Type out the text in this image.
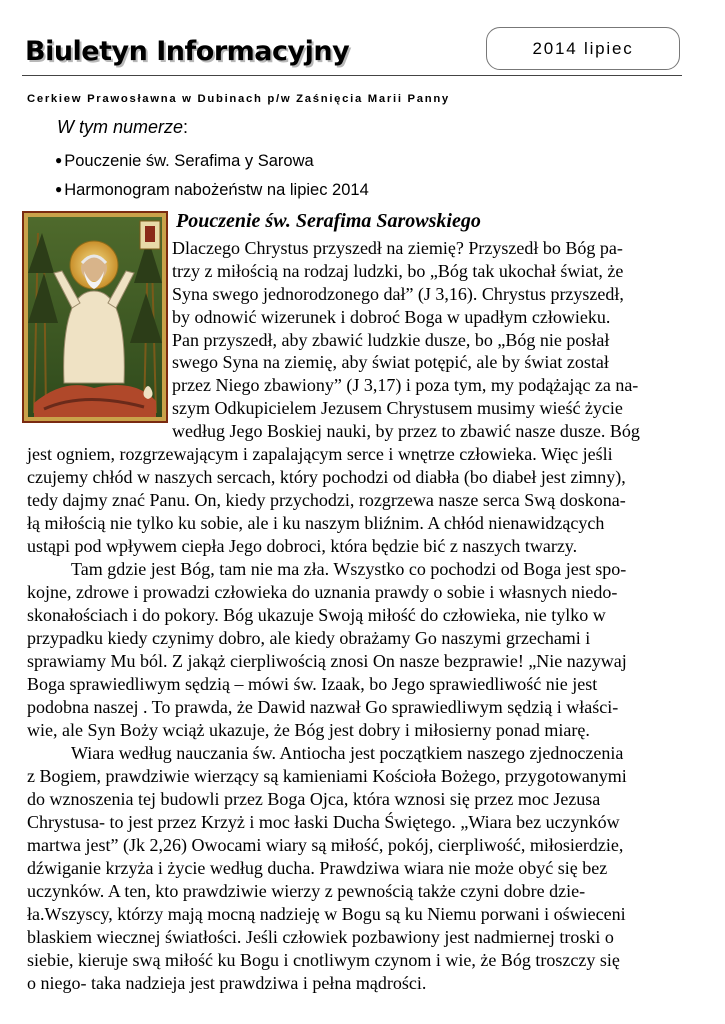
Biuletyn Informacyjny	2014 lipiec
Cerkiew Prawosławna w Dubinach p/w Zaśnięcia Marii Panny
W tym numerze:
● Pouczenie św. Serafima y Sarowa
● Harmonogram nabożeństw na lipiec 2014
Pouczenie św. Serafima Sarowskiego
Dlaczego Chrystus przyszedł na ziemię? Przyszedł bo Bóg pa-
trzy z miłością na rodzaj ludzki, bo „Bóg tak ukochał świat, że
Syna swego jednorodzonego dał” (J 3,16). Chrystus przyszedł,
by odnowić wizerunek i dobroć Boga w upadłym człowieku.
Pan przyszedł, aby zbawić ludzkie dusze, bo „Bóg nie posłał
swego Syna na ziemię, aby świat potępić, ale by świat został
przez Niego zbawiony” (J 3,17) i poza tym, my podążając za na-
szym Odkupicielem Jezusem Chrystusem musimy wieść życie
według Jego Boskiej nauki, by przez to zbawić nasze dusze. Bóg
jest ogniem, rozgrzewającym i zapalającym serce i wnętrze człowieka. Więc jeśli
czujemy chłód w naszych sercach, który pochodzi od diabła (bo diabeł jest zimny),
tedy dajmy znać Panu. On, kiedy przychodzi, rozgrzewa nasze serca Swą doskona-
łą miłością nie tylko ku sobie, ale i ku naszym bliźnim. A chłód nienawidzących
ustąpi pod wpływem ciepła Jego dobroci, która będzie bić z naszych twarzy.
Tam gdzie jest Bóg, tam nie ma zła. Wszystko co pochodzi od Boga jest spo-
kojne, zdrowe i prowadzi człowieka do uznania prawdy o sobie i własnych niedo-
skonałościach i do pokory. Bóg ukazuje Swoją miłość do człowieka, nie tylko w
przypadku kiedy czynimy dobro, ale kiedy obrażamy Go naszymi grzechami i
sprawiamy Mu ból. Z jakąż cierpliwością znosi On nasze bezprawie! „Nie nazywaj
Boga sprawiedliwym sędzią – mówi św. Izaak, bo Jego sprawiedliwość nie jest
podobna naszej . To prawda, że Dawid nazwał Go sprawiedliwym sędzią i właści-
wie, ale Syn Boży wciąż ukazuje, że Bóg jest dobry i miłosierny ponad miarę.
Wiara według nauczania św. Antiocha jest początkiem naszego zjednoczenia
z Bogiem, prawdziwie wierzący są kamieniami Kościoła Bożego, przygotowanymi
do wznoszenia tej budowli przez Boga Ojca, która wznosi się przez moc Jezusa
Chrystusa- to jest przez Krzyż i moc łaski Ducha Świętego. „Wiara bez uczynków
martwa jest” (Jk 2,26) Owocami wiary są miłość, pokój, cierpliwość, miłosierdzie,
dźwiganie krzyża i życie według ducha. Prawdziwa wiara nie może obyć się bez
uczynków. A ten, kto prawdziwie wierzy z pewnością także czyni dobre dzie-
ła.Wszyscy, którzy mają mocną nadzieję w Bogu są ku Niemu porwani i oświeceni
blaskiem wiecznej światłości. Jeśli człowiek pozbawiony jest nadmiernej troski o
siebie, kieruje swą miłość ku Bogu i cnotliwym czynom i wie, że Bóg troszczy się
o niego- taka nadzieja jest prawdziwa i pełna mądrości.
